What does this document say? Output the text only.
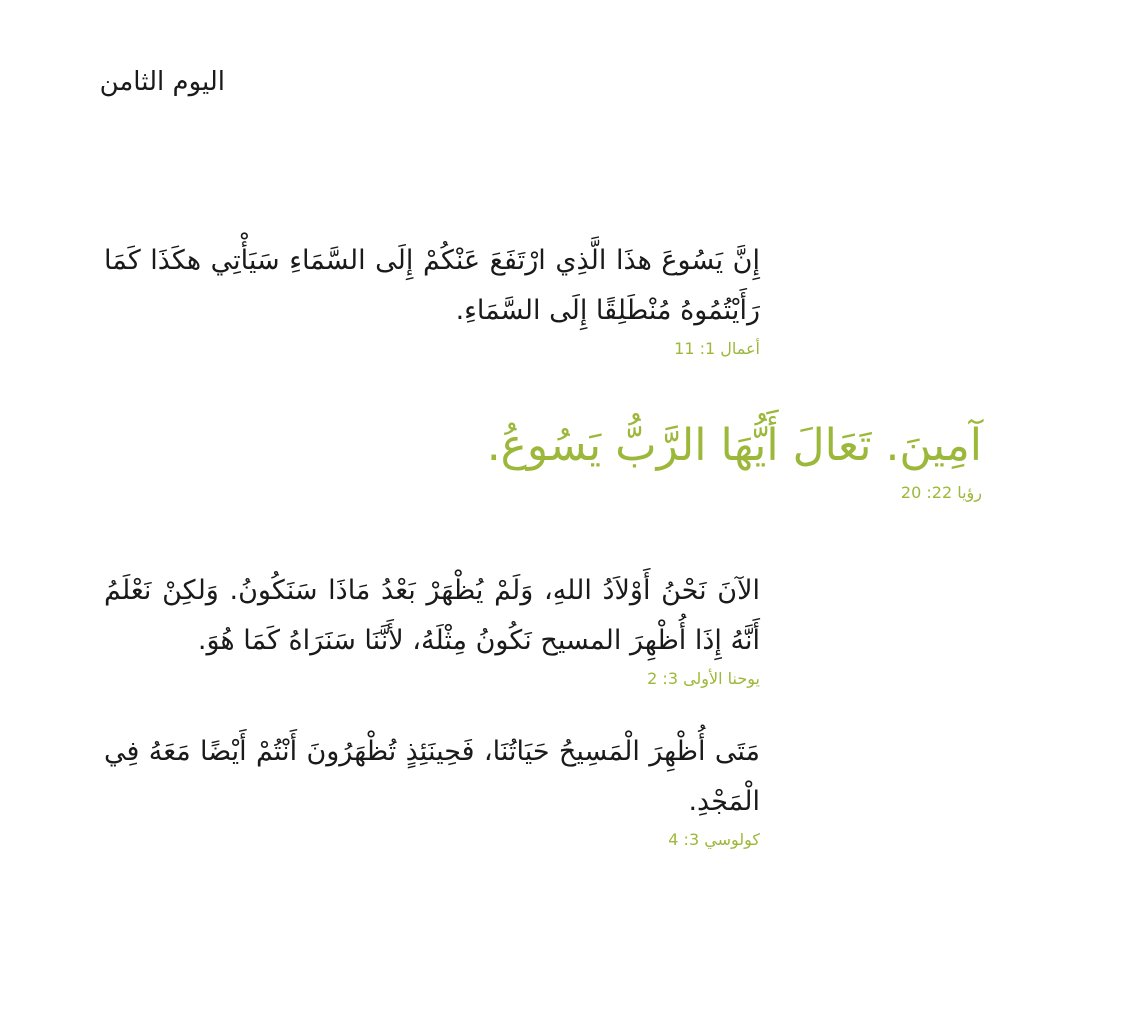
اليوم الثامن
إِنَّ يَسُوعَ هذَا الَّذِي ارْتَفَعَ عَنْكُمْ إِلَى السَّمَاءِ سَيَأْتِي هكَذَا كَمَا رَأَيْتُمُوهُ مُنْطَلِقًا إِلَى السَّمَاءِ.
أعمال 1: 11
آمِينَ. تَعَالَ أَيُّهَا الرَّبُّ يَسُوعُ.
رؤيا 22: 20
الآنَ نَحْنُ أَوْلاَدُ اللهِ، وَلَمْ يُظْهَرْ بَعْدُ مَاذَا سَنَكُونُ. وَلكِنْ نَعْلَمُ أَنَّهُ إِذَا أُظْهِرَ المسيح نَكُونُ مِثْلَهُ، لأَنَّنَا سَنَرَاهُ كَمَا هُوَ.
يوحنا الأولى 3: 2
مَتَى أُظْهِرَ الْمَسِيحُ حَيَاتُنَا، فَحِينَئِذٍ تُظْهَرُونَ أَنْتُمْ أَيْضًا مَعَهُ فِي الْمَجْدِ.
كولوسي 3: 4
